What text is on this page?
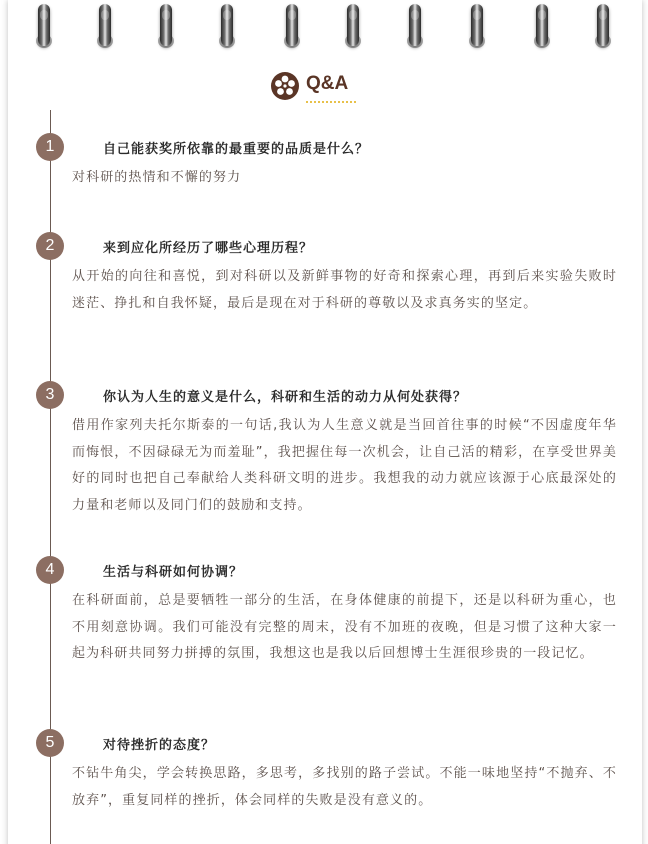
Q&A
1	自己能获奖所依靠的最重要的品质是什么？
对科研的热情和不懈的努力
2	来到应化所经历了哪些心理历程？
从开始的向往和喜悦，到对科研以及新鲜事物的好奇和探索心理，再到后来实验失败时迷茫、挣扎和自我怀疑，最后是现在对于科研的尊敬以及求真务实的坚定。
3	你认为人生的意义是什么，科研和生活的动力从何处获得？
借用作家列夫托尔斯泰的一句话,我认为人生意义就是当回首往事的时候“不因虚度年华而悔恨，不因碌碌无为而羞耻”，我把握住每一次机会，让自己活的精彩，在享受世界美好的同时也把自己奉献给人类科研文明的进步。我想我的动力就应该源于心底最深处的力量和老师以及同门们的鼓励和支持。
4	生活与科研如何协调？
在科研面前，总是要牺牲一部分的生活，在身体健康的前提下，还是以科研为重心，也不用刻意协调。我们可能没有完整的周末，没有不加班的夜晚，但是习惯了这种大家一起为科研共同努力拼搏的氛围，我想这也是我以后回想博士生涯很珍贵的一段记忆。
5	对待挫折的态度？
不钻牛角尖，学会转换思路，多思考，多找别的路子尝试。不能一味地坚持“不抛弃、不放弃”，重复同样的挫折，体会同样的失败是没有意义的。
